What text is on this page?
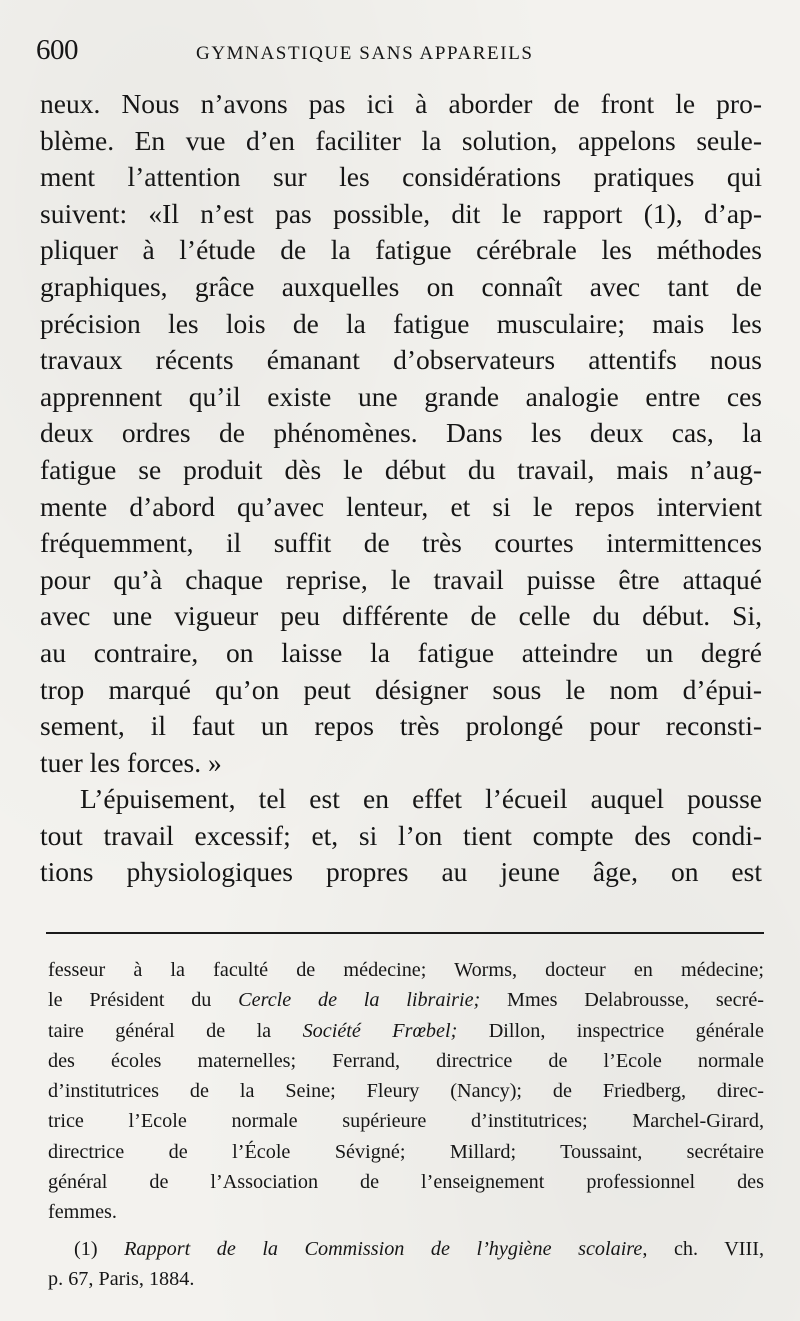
600	GYMNASTIQUE SANS APPAREILS
neux. Nous n’avons pas ici à aborder de front le pro-
blème. En vue d’en faciliter la solution, appelons seule-
ment l’attention sur les considérations pratiques qui
suivent: «Il n’est pas possible, dit le rapport (1), d’ap-
pliquer à l’étude de la fatigue cérébrale les méthodes
graphiques, grâce auxquelles on connaît avec tant de
précision les lois de la fatigue musculaire; mais les
travaux récents émanant d’observateurs attentifs nous
apprennent qu’il existe une grande analogie entre ces
deux ordres de phénomènes. Dans les deux cas, la
fatigue se produit dès le début du travail, mais n’aug-
mente d’abord qu’avec lenteur, et si le repos intervient
fréquemment, il suffit de très courtes intermittences
pour qu’à chaque reprise, le travail puisse être attaqué
avec une vigueur peu différente de celle du début. Si,
au contraire, on laisse la fatigue atteindre un degré
trop marqué qu’on peut désigner sous le nom d’épui-
sement, il faut un repos très prolongé pour reconsti-
tuer les forces. »
L’épuisement, tel est en effet l’écueil auquel pousse
tout travail excessif; et, si l’on tient compte des condi-
tions physiologiques propres au jeune âge, on est
fesseur à la faculté de médecine; Worms, docteur en médecine;
le Président du Cercle de la librairie; Mmes Delabrousse, secré-
taire général de la Société Frœbel; Dillon, inspectrice générale
des écoles maternelles; Ferrand, directrice de l’Ecole normale
d’institutrices de la Seine; Fleury (Nancy); de Friedberg, direc-
trice l’Ecole normale supérieure d’institutrices; Marchel-Girard,
directrice de l’École Sévigné; Millard; Toussaint, secrétaire
général de l’Association de l’enseignement professionnel des
femmes.
(1) Rapport de la Commission de l’hygiène scolaire, ch. VIII,
p. 67, Paris, 1884.
